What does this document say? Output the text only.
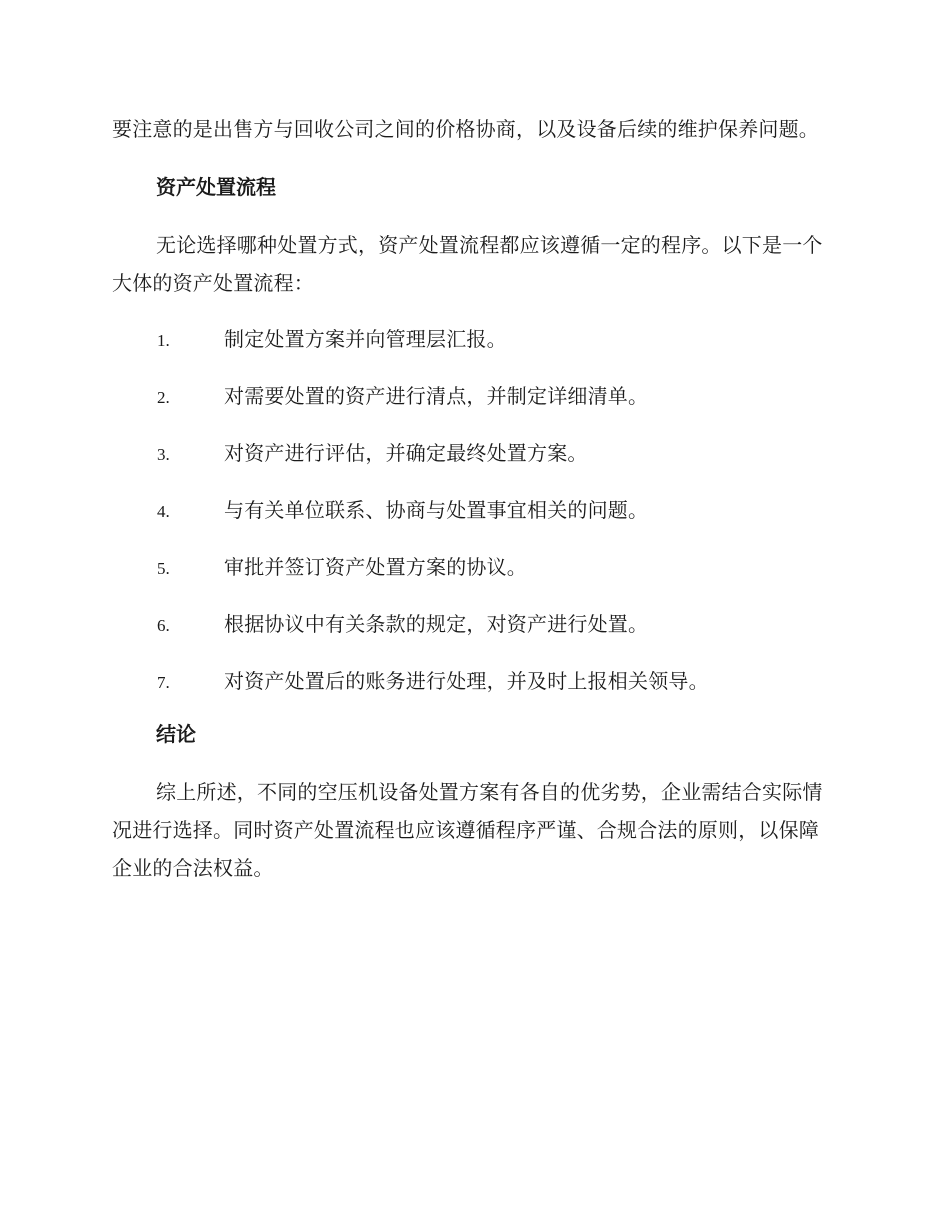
要注意的是出售方与回收公司之间的价格协商，以及设备后续的维护保养问题。

资产处置流程

无论选择哪种处置方式，资产处置流程都应该遵循一定的程序。以下是一个大体的资产处置流程：

1.	制定处置方案并向管理层汇报。
2.	对需要处置的资产进行清点，并制定详细清单。
3.	对资产进行评估，并确定最终处置方案。
4.	与有关单位联系、协商与处置事宜相关的问题。
5.	审批并签订资产处置方案的协议。
6.	根据协议中有关条款的规定，对资产进行处置。
7.	对资产处置后的账务进行处理，并及时上报相关领导。
结论

综上所述，不同的空压机设备处置方案有各自的优劣势，企业需结合实际情况进行选择。同时资产处置流程也应该遵循程序严谨、合规合法的原则，以保障企业的合法权益。
